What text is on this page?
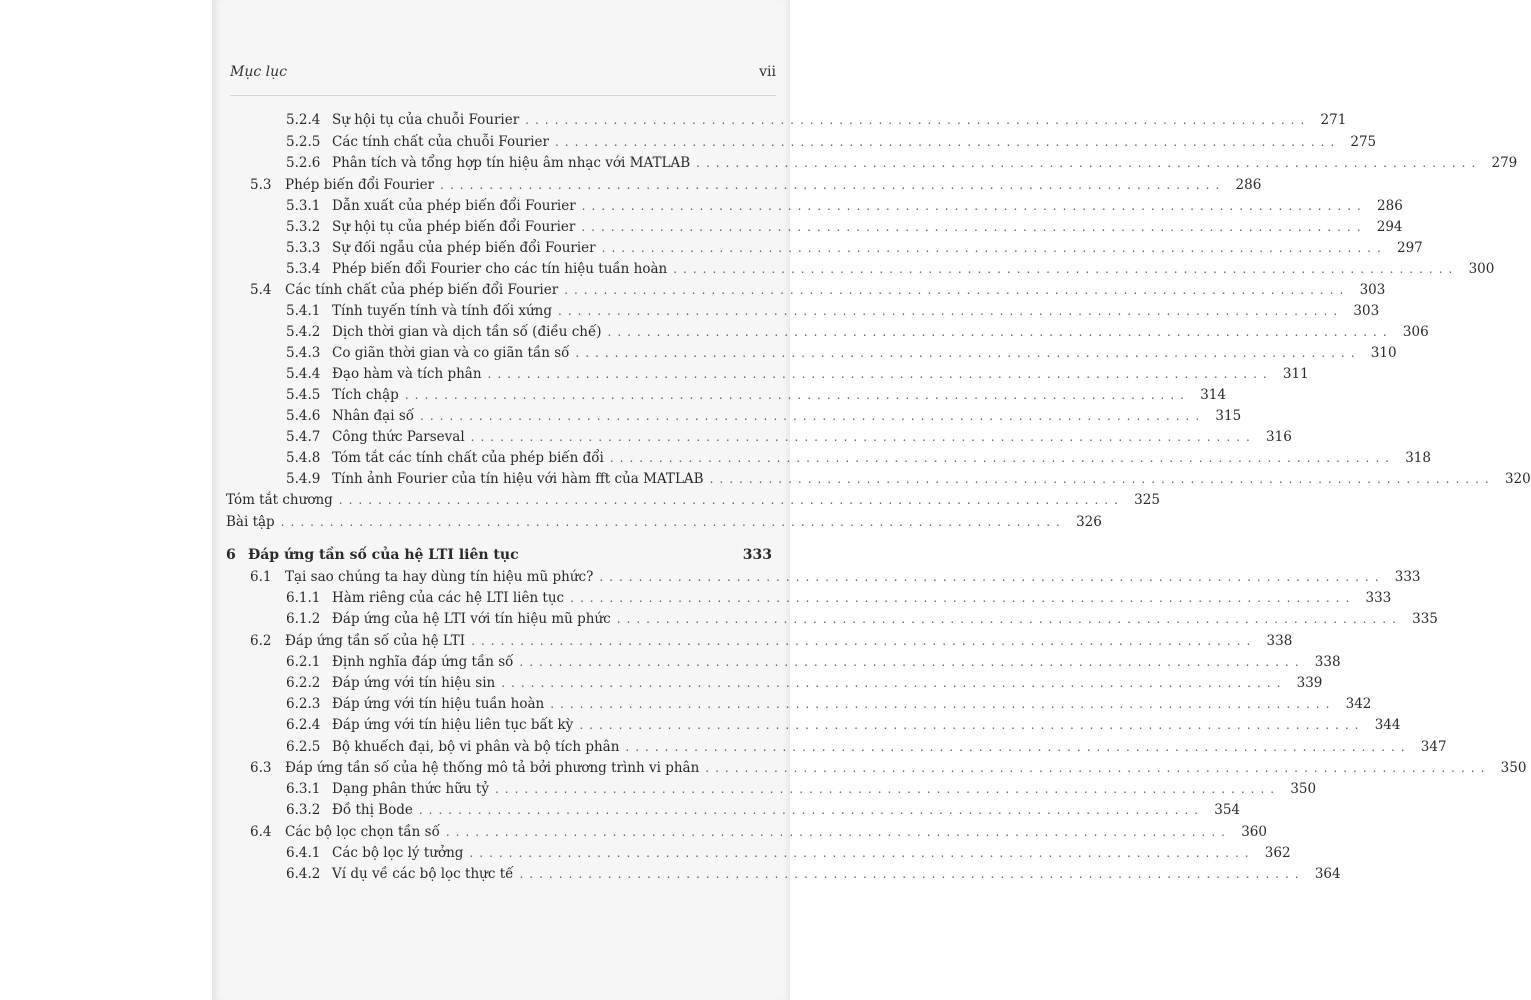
Mục lục	vii
5.2.4 Sự hội tụ của chuỗi Fourier ................................................................................ 271
5.2.5 Các tính chất của chuỗi Fourier ................................................................................ 275
5.2.6 Phân tích và tổng hợp tín hiệu âm nhạc với MATLAB ................................................................................ 279
5.3 Phép biến đổi Fourier ................................................................................ 286
5.3.1 Dẫn xuất của phép biến đổi Fourier ................................................................................ 286
5.3.2 Sự hội tụ của phép biến đổi Fourier ................................................................................ 294
5.3.3 Sự đối ngẫu của phép biến đổi Fourier ................................................................................ 297
5.3.4 Phép biến đổi Fourier cho các tín hiệu tuần hoàn ................................................................................ 300
5.4 Các tính chất của phép biến đổi Fourier ................................................................................ 303
5.4.1 Tính tuyến tính và tính đối xứng ................................................................................ 303
5.4.2 Dịch thời gian và dịch tần số (điều chế) ................................................................................ 306
5.4.3 Co giãn thời gian và co giãn tần số ................................................................................ 310
5.4.4 Đạo hàm và tích phân ................................................................................ 311
5.4.5 Tích chập ................................................................................ 314
5.4.6 Nhân đại số ................................................................................ 315
5.4.7 Công thức Parseval ................................................................................ 316
5.4.8 Tóm tắt các tính chất của phép biến đổi ................................................................................ 318
5.4.9 Tính ảnh Fourier của tín hiệu với hàm fft của MATLAB ................................................................................ 320
Tóm tắt chương ................................................................................ 325
Bài tập ................................................................................ 326
6 Đáp ứng tần số của hệ LTI liên tục	333
6.1 Tại sao chúng ta hay dùng tín hiệu mũ phức? ................................................................................ 333
6.1.1 Hàm riêng của các hệ LTI liên tục ................................................................................ 333
6.1.2 Đáp ứng của hệ LTI với tín hiệu mũ phức ................................................................................ 335
6.2 Đáp ứng tần số của hệ LTI ................................................................................ 338
6.2.1 Định nghĩa đáp ứng tần số ................................................................................ 338
6.2.2 Đáp ứng với tín hiệu sin ................................................................................ 339
6.2.3 Đáp ứng với tín hiệu tuần hoàn ................................................................................ 342
6.2.4 Đáp ứng với tín hiệu liên tục bất kỳ ................................................................................ 344
6.2.5 Bộ khuếch đại, bộ vi phân và bộ tích phân ................................................................................ 347
6.3 Đáp ứng tần số của hệ thống mô tả bởi phương trình vi phân ................................................................................ 350
6.3.1 Dạng phân thức hữu tỷ ................................................................................ 350
6.3.2 Đồ thị Bode ................................................................................ 354
6.4 Các bộ lọc chọn tần số ................................................................................ 360
6.4.1 Các bộ lọc lý tưởng ................................................................................ 362
6.4.2 Ví dụ về các bộ lọc thực tế ................................................................................ 364
